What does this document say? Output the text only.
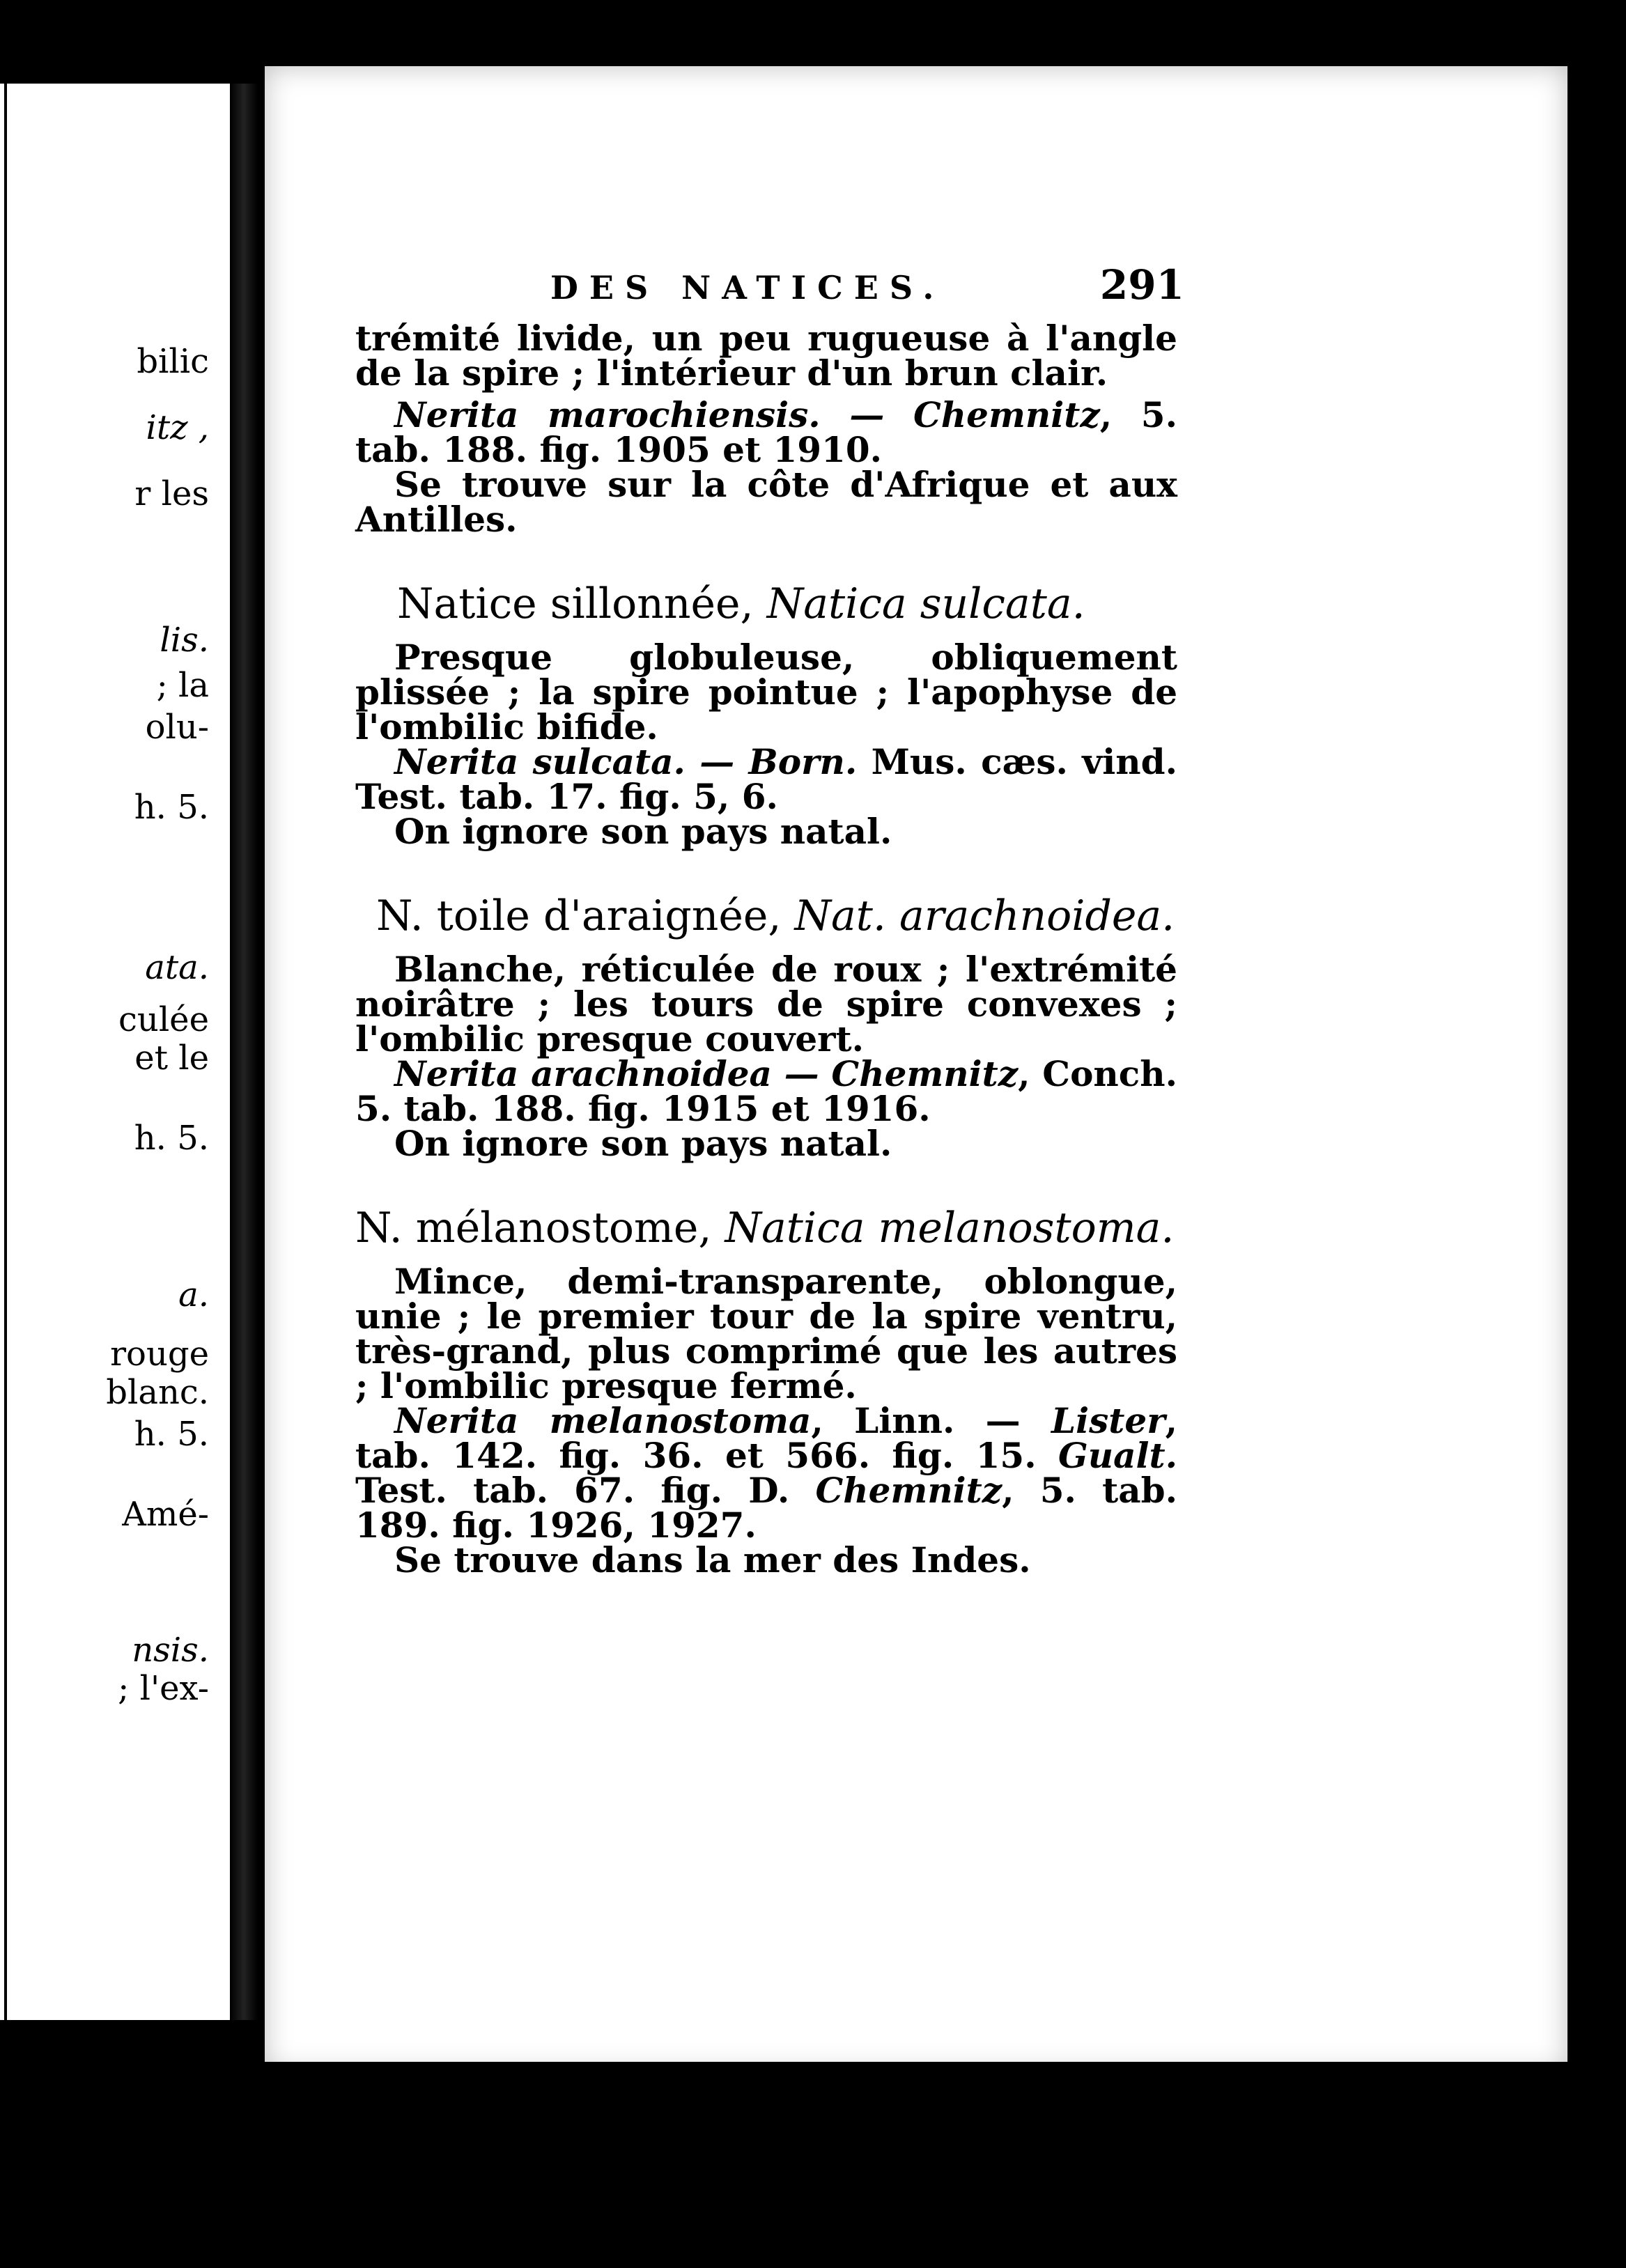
bilic
itz ,
r les
lis.
; la
olu-
h. 5.
ata.
culée
et le
h. 5.
a.
rouge
blanc.
h. 5.
Amé-
nsis.
; l'ex-
DES NATICES.	291

trémité livide, un peu rugueuse à l'angle de la spire ; l'intérieur d'un brun clair.

Nerita marochiensis. — Chemnitz, 5. tab. 188. fig. 1905 et 1910.

Se trouve sur la côte d'Afrique et aux Antilles.

Natice sillonnée, Natica sulcata.

Presque globuleuse, obliquement plissée ; la spire pointue ; l'apophyse de l'ombilic bifide.

Nerita sulcata. — Born. Mus. cæs. vind. Test. tab. 17. fig. 5, 6.

On ignore son pays natal.

N. toile d'araignée, Nat. arachnoidea.

Blanche, réticulée de roux ; l'extrémité noirâtre ; les tours de spire convexes ; l'ombilic presque couvert.

Nerita arachnoidea — Chemnitz, Conch. 5. tab. 188. fig. 1915 et 1916.

On ignore son pays natal.

N. mélanostome, Natica melanostoma.

Mince, demi-transparente, oblongue, unie ; le premier tour de la spire ventru, très-grand, plus comprimé que les autres ; l'ombilic presque fermé.

Nerita melanostoma, Linn. — Lister, tab. 142. fig. 36. et 566. fig. 15. Gualt. Test. tab. 67. fig. D. Chemnitz, 5. tab. 189. fig. 1926, 1927.

Se trouve dans la mer des Indes.
